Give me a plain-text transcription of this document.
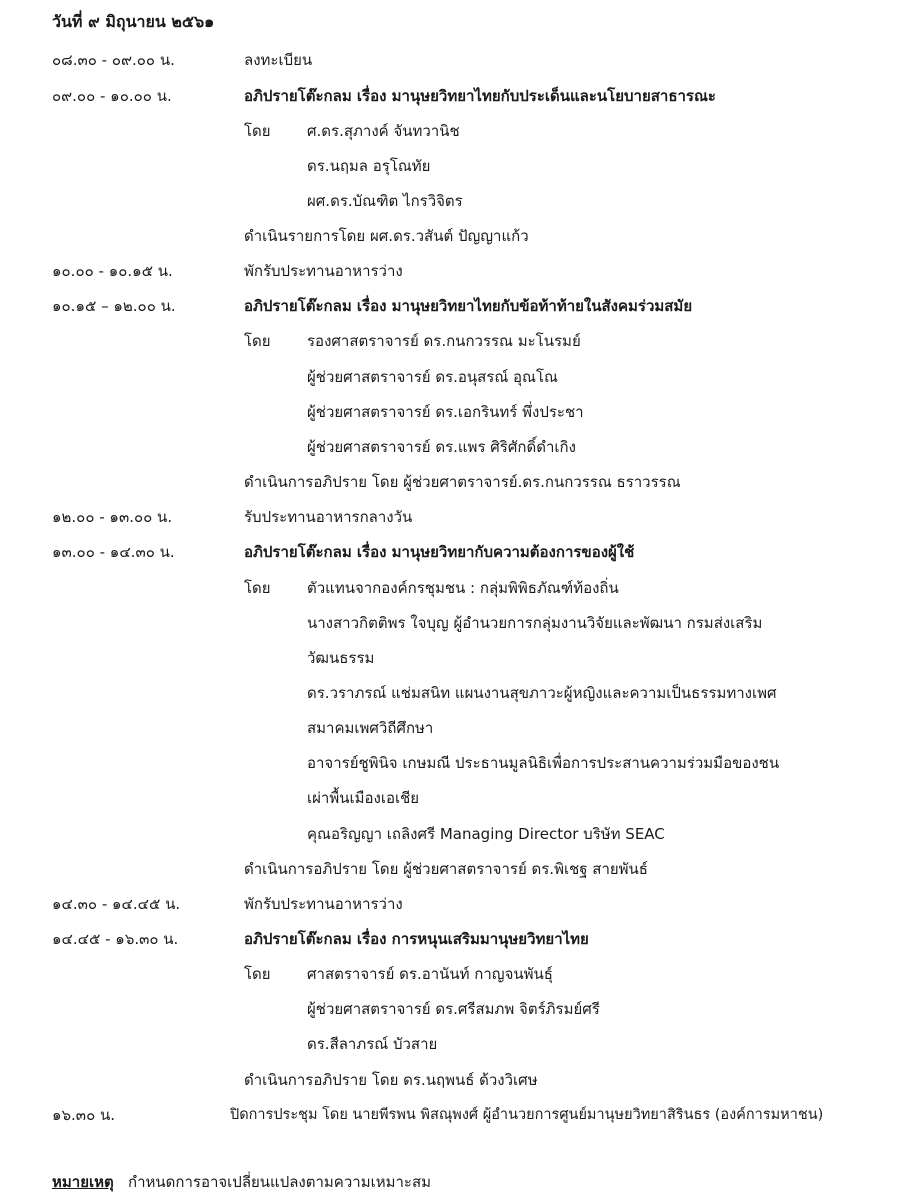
วันที่ ๙ มิถุนายน ๒๕๖๑
๐๘.๓๐ - ๐๙.๐๐ น.	ลงทะเบียน
๐๙.๐๐ - ๑๐.๐๐ น.	อภิปรายโต๊ะกลม เรื่อง มานุษยวิทยาไทยกับประเด็นและนโยบายสาธารณะ
โดย ศ.ดร.สุภางค์ จันทวานิช
ดร.นฤมล อรุโณทัย
ผศ.ดร.บัณฑิต ไกรวิจิตร
ดำเนินรายการโดย ผศ.ดร.วสันต์ ปัญญาแก้ว
๑๐.๐๐ - ๑๐.๑๕ น.	พักรับประทานอาหารว่าง
๑๐.๑๕ – ๑๒.๐๐ น.	อภิปรายโต๊ะกลม เรื่อง มานุษยวิทยาไทยกับข้อท้าท้ายในสังคมร่วมสมัย
โดย รองศาสตราจารย์ ดร.กนกวรรณ มะโนรมย์
ผู้ช่วยศาสตราจารย์ ดร.อนุสรณ์ อุณโณ
ผู้ช่วยศาสตราจารย์ ดร.เอกรินทร์ พึ่งประชา
ผู้ช่วยศาสตราจารย์ ดร.แพร ศิริศักดิ์ดำเกิง
ดำเนินการอภิปราย โดย ผู้ช่วยศาตราจารย์.ดร.กนกวรรณ ธราวรรณ
๑๒.๐๐ - ๑๓.๐๐ น.	รับประทานอาหารกลางวัน
๑๓.๐๐ - ๑๔.๓๐ น.	อภิปรายโต๊ะกลม เรื่อง มานุษยวิทยากับความต้องการของผู้ใช้
โดย ตัวแทนจากองค์กรชุมชน : กลุ่มพิพิธภัณฑ์ท้องถิ่น
นางสาวกิตติพร ใจบุญ ผู้อำนวยการกลุ่มงานวิจัยและพัฒนา กรมส่งเสริม
วัฒนธรรม
ดร.วราภรณ์ แช่มสนิท แผนงานสุขภาวะผู้หญิงและความเป็นธรรมทางเพศ
สมาคมเพศวิถีศึกษา
อาจารย์ชูพินิจ เกษมณี ประธานมูลนิธิเพื่อการประสานความร่วมมือของชน
เผ่าพื้นเมืองเอเชีย
คุณอริญญา เถลิงศรี Managing Director บริษัท SEAC
ดำเนินการอภิปราย โดย ผู้ช่วยศาสตราจารย์ ดร.พิเชฐ สายพันธ์
๑๔.๓๐ - ๑๔.๔๕ น.	พักรับประทานอาหารว่าง
๑๔.๔๕ - ๑๖.๓๐ น.	อภิปรายโต๊ะกลม เรื่อง การหนุนเสริมมานุษยวิทยาไทย
โดย ศาสตราจารย์ ดร.อานันท์ กาญจนพันธุ์
ผู้ช่วยศาสตราจารย์ ดร.ศรีสมภพ จิตร์ภิรมย์ศรี
ดร.สีลาภรณ์ บัวสาย
ดำเนินการอภิปราย โดย ดร.นฤพนธ์ ด้วงวิเศษ
๑๖.๓๐ น.	ปิดการประชุม โดย นายพีรพน พิสณุพงศ์ ผู้อำนวยการศูนย์มานุษยวิทยาสิรินธร (องค์การมหาชน)
หมายเหตุ กำหนดการอาจเปลี่ยนแปลงตามความเหมาะสม
